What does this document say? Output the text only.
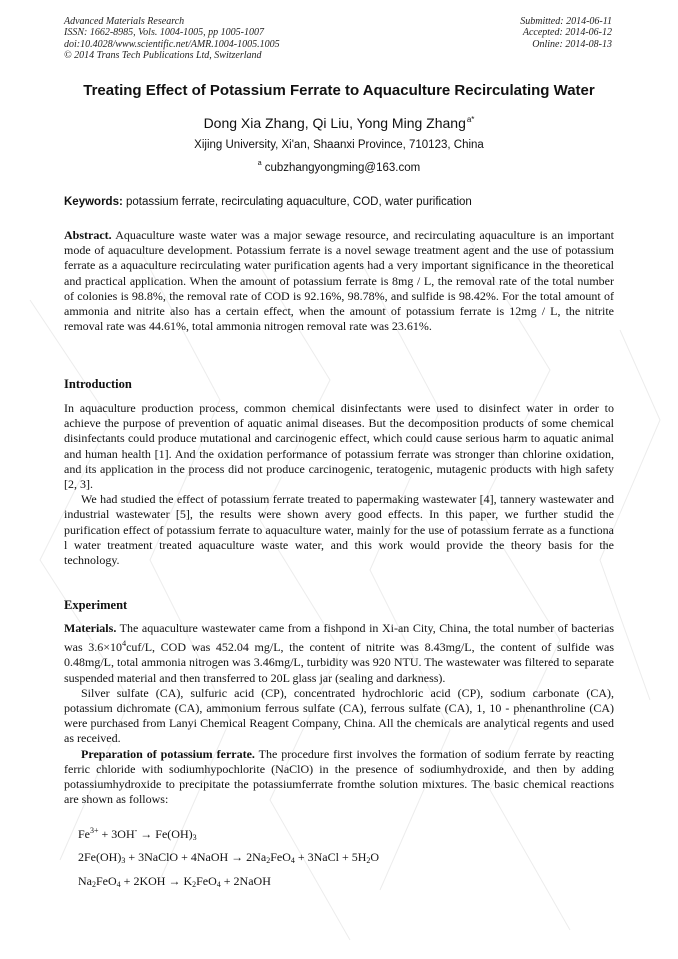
Advanced Materials Research
ISSN: 1662-8985, Vols. 1004-1005, pp 1005-1007
doi:10.4028/www.scientific.net/AMR.1004-1005.1005
© 2014 Trans Tech Publications Ltd, Switzerland
Submitted: 2014-06-11
Accepted: 2014-06-12
Online: 2014-08-13
Treating Effect of Potassium Ferrate to Aquaculture Recirculating Water
Dong Xia Zhang, Qi Liu, Yong Ming Zhang$^{a*}$
Xijing University, Xi'an, Shaanxi Province, 710123, China
$^a$ cubzhangyongming@163.com
Keywords: potassium ferrate, recirculating aquaculture, COD, water purification

Abstract. Aquaculture waste water was a major sewage resource, and recirculating aquaculture is an important mode of aquaculture development. Potassium ferrate is a novel sewage treatment agent and the use of potassium ferrate as a aquaculture recirculating water purification agents had a very important significance in the theoretical and practical application. When the amount of potassium ferrate is 8mg / L, the removal rate of the total number of colonies is 98.8%, the removal rate of COD is 92.16%, 98.78%, and sulfide is 98.42%. For the total amount of ammonia and nitrite also has a certain effect, when the amount of potassium ferrate is 12mg / L, the nitrite removal rate was 44.61%, total ammonia nitrogen removal rate was 23.61%.

Introduction

In aquaculture production process, common chemical disinfectants were used to disinfect water in order to achieve the purpose of prevention of aquatic animal diseases. But the decomposition products of some chemical disinfectants could produce mutational and carcinogenic effect, which could cause serious harm to aquatic animal and human health [1]. And the oxidation performance of potassium ferrate was stronger than chlorine oxidation, and its application in the process did not produce carcinogenic, teratogenic, mutagenic products with high safety [2, 3].

We had studied the effect of potassium ferrate treated to papermaking wastewater [4], tannery wastewater and industrial wastewater [5], the results were shown avery good effects. In this paper, we further studid the purification effect of potassium ferrate to aquaculture water, mainly for the use of potassium ferrate as a functiona l water treatment treated aquaculture waste water, and this work would provide the theory basis for the technology.

Experiment

Materials. The aquaculture wastewater came from a fishpond in Xi-an City, China, the total number of bacterias was $3.6\times 10^4cuf/L$, COD was 452.04 mg/L, the content of nitrite was 8.43mg/L, the content of sulfide was 0.48mg/L, total ammonia nitrogen was 3.46mg/L, turbidity was 920 NTU. The wastewater was filtered to separate suspended material and then transferred to 20L glass jar (sealing and darkness).

Silver sulfate (CA), sulfuric acid (CP), concentrated hydrochloric acid (CP), sodium carbonate (CA), potassium dichromate (CA), ammonium ferrous sulfate (CA), ferrous sulfate (CA), 1, 10 - phenanthroline (CA) were purchased from Lanyi Chemical Reagent Company, China. All the chemicals are analytical regents and used as received.

Preparation of potassium ferrate. The procedure first involves the formation of sodium ferrate by reacting ferric chloride with sodiumhypochlorite (NaClO) in the presence of sodiumhydroxide, and then by adding potassiumhydroxide to precipitate the potassiumferrate fromthe solution mixtures. The basic chemical reactions are shown as follows:

$Fe^{3+} + 3OH^- \to Fe(OH)_3$
$2Fe(OH)_3$ + 3NaClO + 4NaOH → $2Na_2FeO_4$ + 3NaCl + $5H_2O$
$Na_2FeO_4 + 2KOH \to K_2FeO_4$ + 2NaOH
